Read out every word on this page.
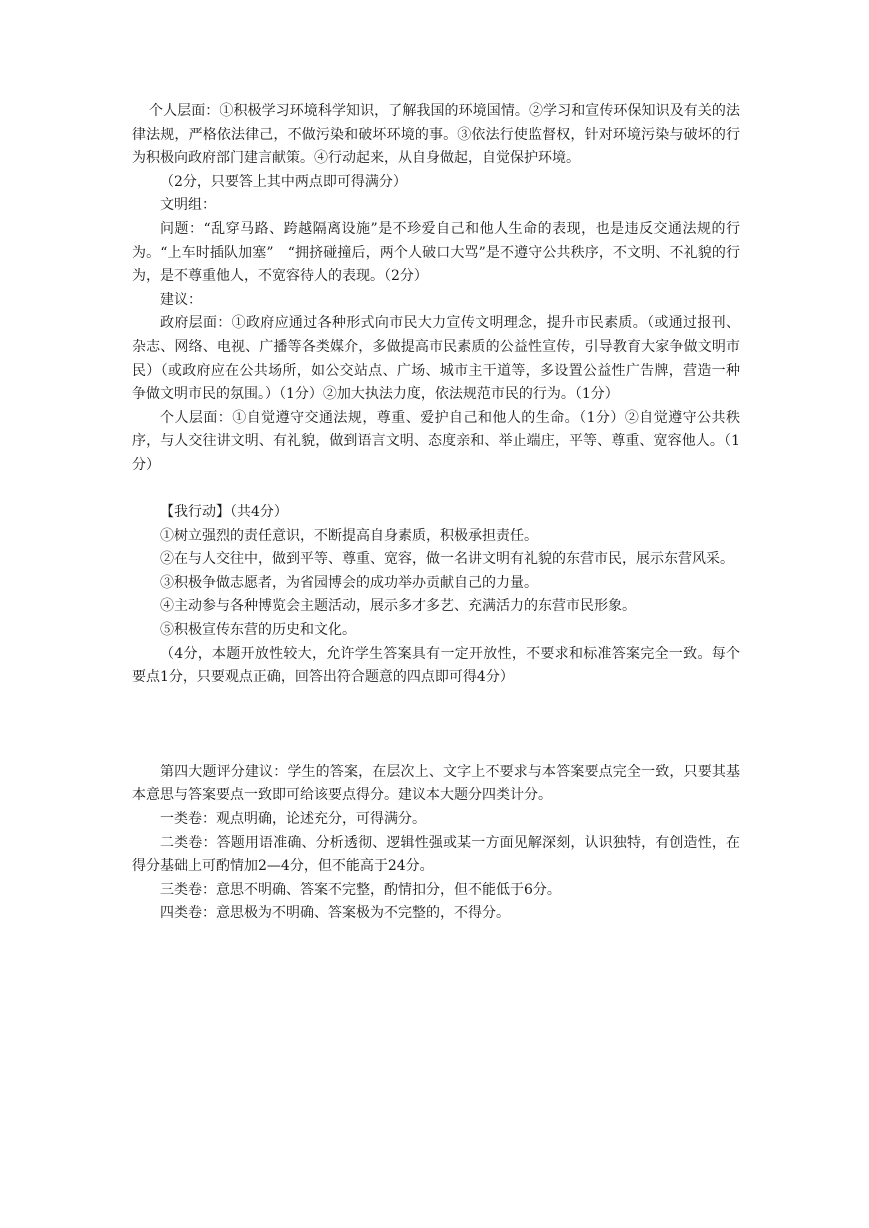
个人层面：①积极学习环境科学知识，了解我国的环境国情。②学习和宣传环保知识及有关的法律法规，严格依法律己，不做污染和破坏环境的事。③依法行使监督权，针对环境污染与破坏的行为积极向政府部门建言献策。④行动起来，从自身做起，自觉保护环境。

（2分，只要答上其中两点即可得满分）

文明组：

问题：“乱穿马路、跨越隔离设施”是不珍爱自己和他人生命的表现，也是违反交通法规的行为。“上车时插队加塞”　“拥挤碰撞后，两个人破口大骂”是不遵守公共秩序，不文明、不礼貌的行为，是不尊重他人，不宽容待人的表现。（2分）

建议：

政府层面：①政府应通过各种形式向市民大力宣传文明理念，提升市民素质。（或通过报刊、杂志、网络、电视、广播等各类媒介，多做提高市民素质的公益性宣传，引导教育大家争做文明市民）（或政府应在公共场所，如公交站点、广场、城市主干道等，多设置公益性广告牌，营造一种争做文明市民的氛围。）（1分）②加大执法力度，依法规范市民的行为。（1分）

个人层面：①自觉遵守交通法规，尊重、爱护自己和他人的生命。（1分）②自觉遵守公共秩序，与人交往讲文明、有礼貌，做到语言文明、态度亲和、举止端庄，平等、尊重、宽容他人。（1分）

【我行动】（共4分）

①树立强烈的责任意识，不断提高自身素质，积极承担责任。

②在与人交往中，做到平等、尊重、宽容，做一名讲文明有礼貌的东营市民，展示东营风采。

③积极争做志愿者，为省园博会的成功举办贡献自己的力量。

④主动参与各种博览会主题活动，展示多才多艺、充满活力的东营市民形象。

⑤积极宣传东营的历史和文化。

（4分，本题开放性较大，允许学生答案具有一定开放性，不要求和标准答案完全一致。每个要点1分，只要观点正确，回答出符合题意的四点即可得4分）

第四大题评分建议：学生的答案，在层次上、文字上不要求与本答案要点完全一致，只要其基本意思与答案要点一致即可给该要点得分。建议本大题分四类计分。

一类卷：观点明确，论述充分，可得满分。

二类卷：答题用语准确、分析透彻、逻辑性强或某一方面见解深刻，认识独特，有创造性，在得分基础上可酌情加2—4分，但不能高于24分。

三类卷：意思不明确、答案不完整，酌情扣分，但不能低于6分。

四类卷：意思极为不明确、答案极为不完整的，不得分。
